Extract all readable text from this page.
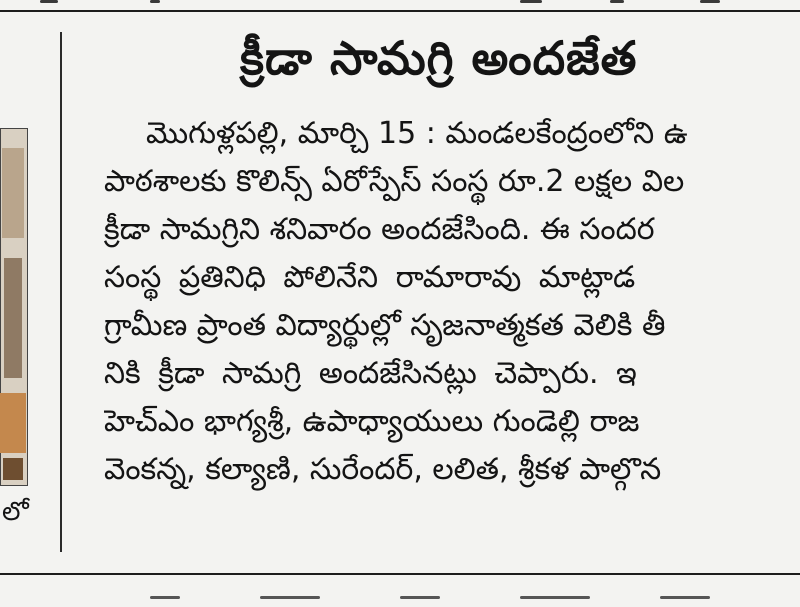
లో
క్రీడా సామగ్రి అందజేత
మొగుళ్లపల్లి, మార్చి 15 : మండలకేంద్రంలోని ఉ
పాఠశాలకు కొలిన్స్ ఏరోస్పేస్ సంస్థ రూ.2 లక్షల విల
క్రీడా సామగ్రిని శనివారం అందజేసింది. ఈ సందర
సంస్థ ప్రతినిధి పోలినేని రామారావు మాట్లాడ
గ్రామీణ ప్రాంత విద్యార్థుల్లో సృజనాత్మకత వెలికి తీ
నికి క్రీడా సామగ్రి అందజేసినట్లు చెప్పారు. ఇ
హెచ్ఎం భాగ్యశ్రీ, ఉపాధ్యాయులు గుండెల్లి రాజ
వెంకన్న, కల్యాణి, సురేందర్, లలిత, శ్రీకళ పాల్గొన
